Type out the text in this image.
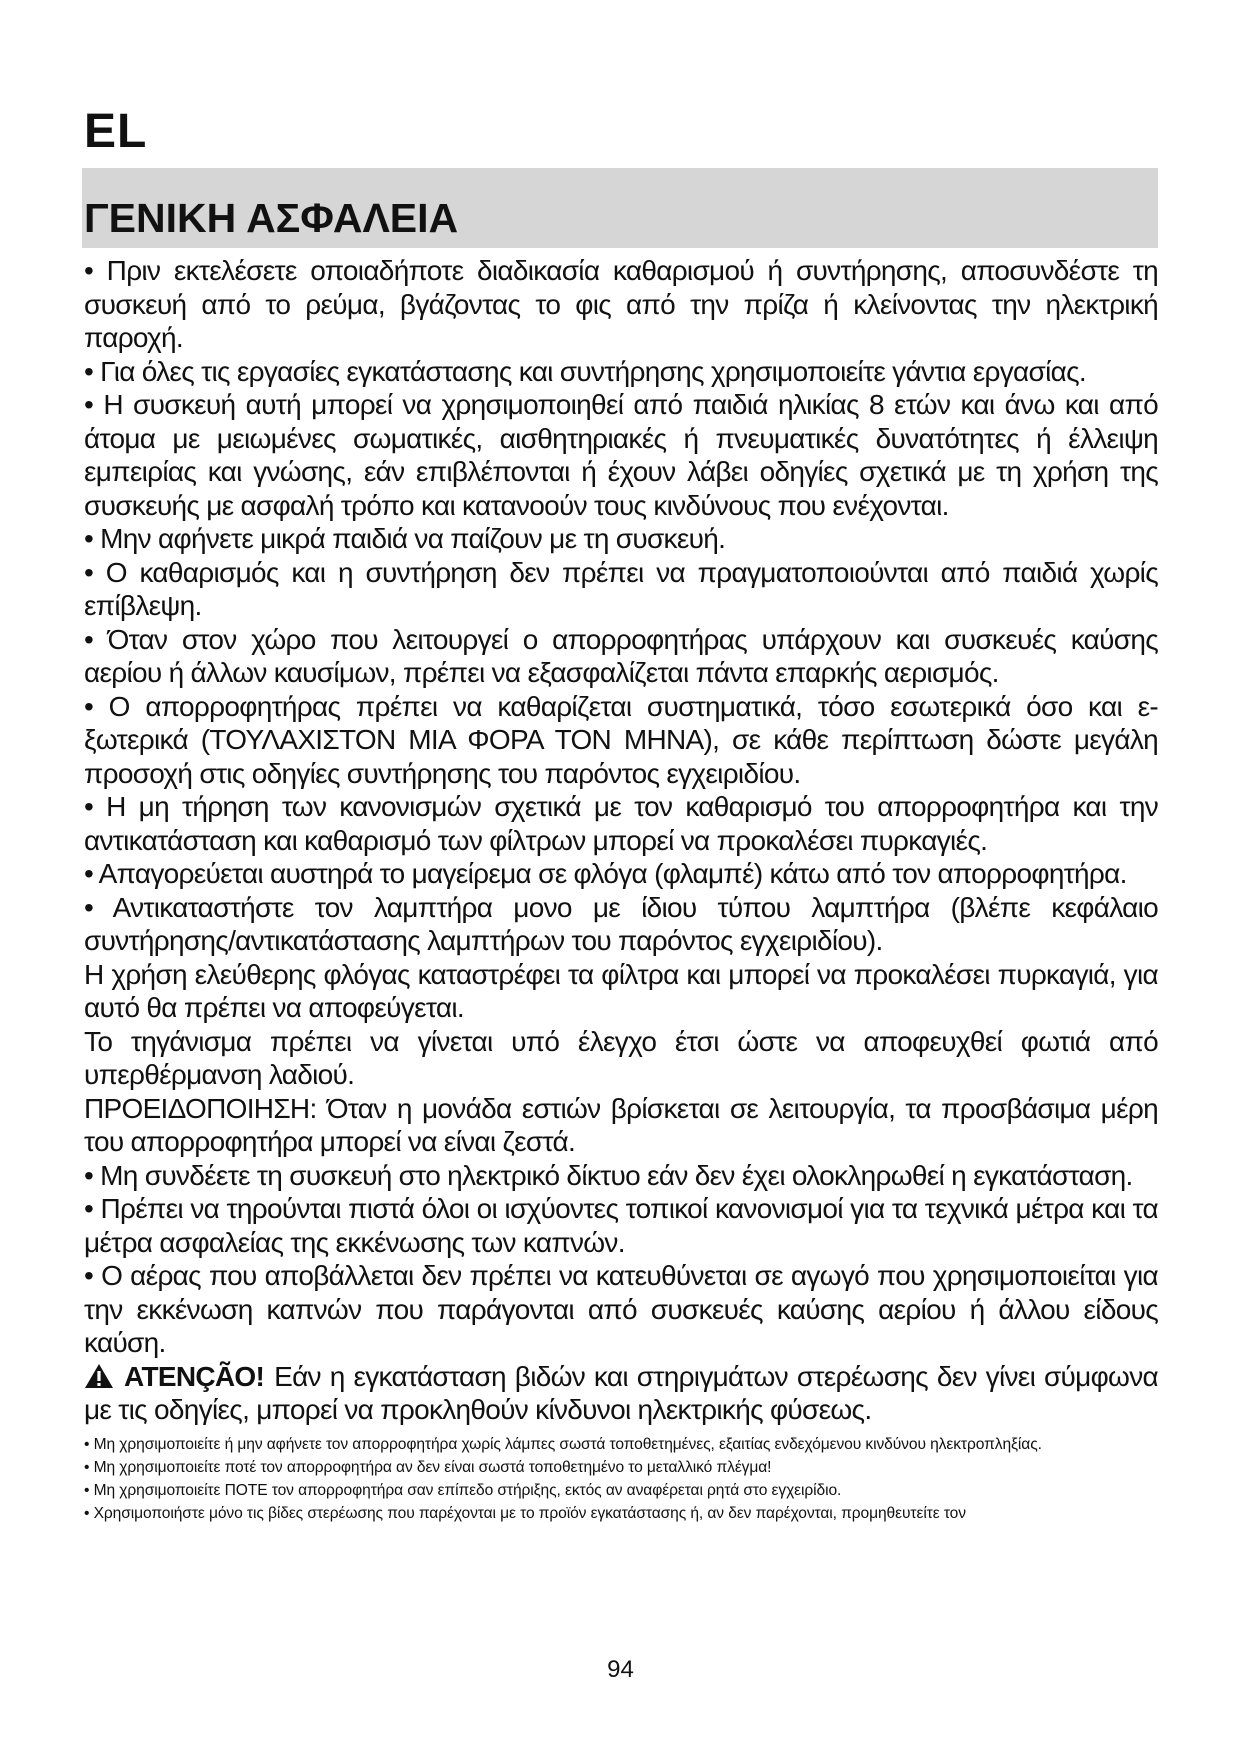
EL
ΓΕΝΙΚΗ ΑΣΦΑΛΕΙΑ

• Πριν εκτελέσετε οποιαδήποτε διαδικασία καθαρισμού ή συντήρησης, αποσυνδέστε τη συσκευή από το ρεύμα, βγάζοντας το φις από την πρίζα ή κλείνοντας την ηλεκτρική παροχή.

• Για όλες τις εργασίες εγκατάστασης και συντήρησης χρησιμοποιείτε γάντια εργασίας.

• Η συσκευή αυτή μπορεί να χρησιμοποιηθεί από παιδιά ηλικίας 8 ετών και άνω και από άτομα με μειωμένες σωματικές, αισθητηριακές ή πνευματικές δυνατότητες ή έλλειψη εμπειρίας και γνώσης, εάν επιβλέπονται ή έχουν λάβει οδηγίες σχετικά με τη χρήση της συσκευής με ασφαλή τρόπο και κατανοούν τους κινδύνους που ενέχονται.

• Μην αφήνετε μικρά παιδιά να παίζουν με τη συσκευή.

• Ο καθαρισμός και η συντήρηση δεν πρέπει να πραγματοποιούνται από παιδιά χωρίς επίβλεψη.

• Όταν στον χώρο που λειτουργεί ο απορροφητήρας υπάρχουν και συσκευές καύσης αερίου ή άλλων καυσίμων, πρέπει να εξασφαλίζεται πάντα επαρκής αερισμός.

• Ο απορροφητήρας πρέπει να καθαρίζεται συστηματικά, τόσο εσωτερικά όσο και ε-ξωτερικά (ΤΟΥΛΑΧΙΣΤΟΝ ΜΙΑ ΦΟΡΑ ΤΟΝ ΜΗΝΑ), σε κάθε περίπτωση δώστε μεγάλη προσοχή στις οδηγίες συντήρησης του παρόντος εγχειριδίου.

• Η μη τήρηση των κανονισμών σχετικά με τον καθαρισμό του απορροφητήρα και την αντικατάσταση και καθαρισμό των φίλτρων μπορεί να προκαλέσει πυρκαγιές.

• Απαγορεύεται αυστηρά το μαγείρεμα σε φλόγα (φλαμπέ) κάτω από τον απορροφητήρα.

• Αντικαταστήστε τον λαμπτήρα μονο με ίδιου τύπου λαμπτήρα (βλέπε κεφάλαιο συντήρησης/αντικατάστασης λαμπτήρων του παρόντος εγχειριδίου).

Η χρήση ελεύθερης φλόγας καταστρέφει τα φίλτρα και μπορεί να προκαλέσει πυρκαγιά, για αυτό θα πρέπει να αποφεύγεται.

Το τηγάνισμα πρέπει να γίνεται υπό έλεγχο έτσι ώστε να αποφευχθεί φωτιά από υπερθέρμανση λαδιού.

ΠΡΟΕΙΔΟΠΟΙΗΣΗ: Όταν η μονάδα εστιών βρίσκεται σε λειτουργία, τα προσβάσιμα μέρη του απορροφητήρα μπορεί να είναι ζεστά.

• Μη συνδέετε τη συσκευή στο ηλεκτρικό δίκτυο εάν δεν έχει ολοκληρωθεί η εγκατάσταση.

• Πρέπει να τηρούνται πιστά όλοι οι ισχύοντες τοπικοί κανονισμοί για τα τεχνικά μέτρα και τα μέτρα ασφαλείας της εκκένωσης των καπνών.

• Ο αέρας που αποβάλλεται δεν πρέπει να κατευθύνεται σε αγωγό που χρησιμοποιείται για την εκκένωση καπνών που παράγονται από συσκευές καύσης αερίου ή άλλου είδους καύση.

ATENÇÃO! Εάν η εγκατάσταση βιδών και στηριγμάτων στερέωσης δεν γίνει σύμφωνα με τις οδηγίες, μπορεί να προκληθούν κίνδυνοι ηλεκτρικής φύσεως.

• Μη χρησιμοποιείτε ή μην αφήνετε τον απορροφητήρα χωρίς λάμπες σωστά τοποθετημένες, εξαιτίας ενδεχόμενου κινδύνου ηλεκτροπληξίας.

• Μη χρησιμοποιείτε ποτέ τον απορροφητήρα αν δεν είναι σωστά τοποθετημένο το μεταλλικό πλέγμα!

• Μη χρησιμοποιείτε ΠΟΤΕ τον απορροφητήρα σαν επίπεδο στήριξης, εκτός αν αναφέρεται ρητά στο εγχειρίδιο.

• Χρησιμοποιήστε μόνο τις βίδες στερέωσης που παρέχονται με το προϊόν εγκατάστασης ή, αν δεν παρέχονται, προμηθευτείτε τον

94
